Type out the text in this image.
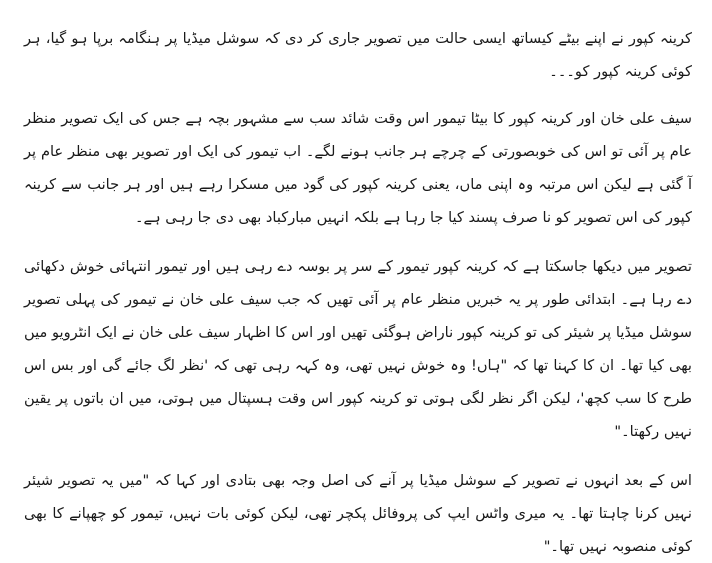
کرینہ کپور نے اپنے بیٹے کیساتھ ایسی حالت میں تصویر جاری کر دی کہ سوشل میڈیا پر ہنگامہ برپا ہو گیا، ہر کوئی کرینہ کپور کو۔۔۔

سیف علی خان اور کرینہ کپور کا بیٹا تیمور اس وقت شائد سب سے مشہور بچہ ہے جس کی ایک تصویر منظر عام پر آئی تو اس کی خوبصورتی کے چرچے ہر جانب ہونے لگے۔ اب تیمور کی ایک اور تصویر بھی منظر عام پر آ گئی ہے لیکن اس مرتبہ وہ اپنی ماں، یعنی کرینہ کپور کی گود میں مسکرا رہے ہیں اور ہر جانب سے کرینہ کپور کی اس تصویر کو نا صرف پسند کیا جا رہا ہے بلکہ انہیں مبارکباد بھی دی جا رہی ہے۔

تصویر میں دیکھا جاسکتا ہے کہ کرینہ کپور تیمور کے سر پر بوسہ دے رہی ہیں اور تیمور انتہائی خوش دکھائی دے رہا ہے۔ ابتدائی طور پر یہ خبریں منظر عام پر آئی تھیں کہ جب سیف علی خان نے تیمور کی پہلی تصویر سوشل میڈیا پر شیئر کی تو کرینہ کپور ناراض ہوگئی تھیں اور اس کا اظہار سیف علی خان نے ایک انٹرویو میں بھی کیا تھا۔ ان کا کہنا تھا کہ "ہاں! وہ خوش نہیں تھی، وہ کہہ رہی تھی کہ 'نظر لگ جائے گی اور بس اس طرح کا سب کچھ'، لیکن اگر نظر لگی ہوتی تو کرینہ کپور اس وقت ہسپتال میں ہوتی، میں ان باتوں پر یقین نہیں رکھتا۔"

اس کے بعد انہوں نے تصویر کے سوشل میڈیا پر آنے کی اصل وجہ بھی بتادی اور کہا کہ "میں یہ تصویر شیئر نہیں کرنا چاہتا تھا۔ یہ میری واٹس ایپ کی پروفائل پکچر تھی، لیکن کوئی بات نہیں، تیمور کو چھپانے کا بھی کوئی منصوبہ نہیں تھا۔"
